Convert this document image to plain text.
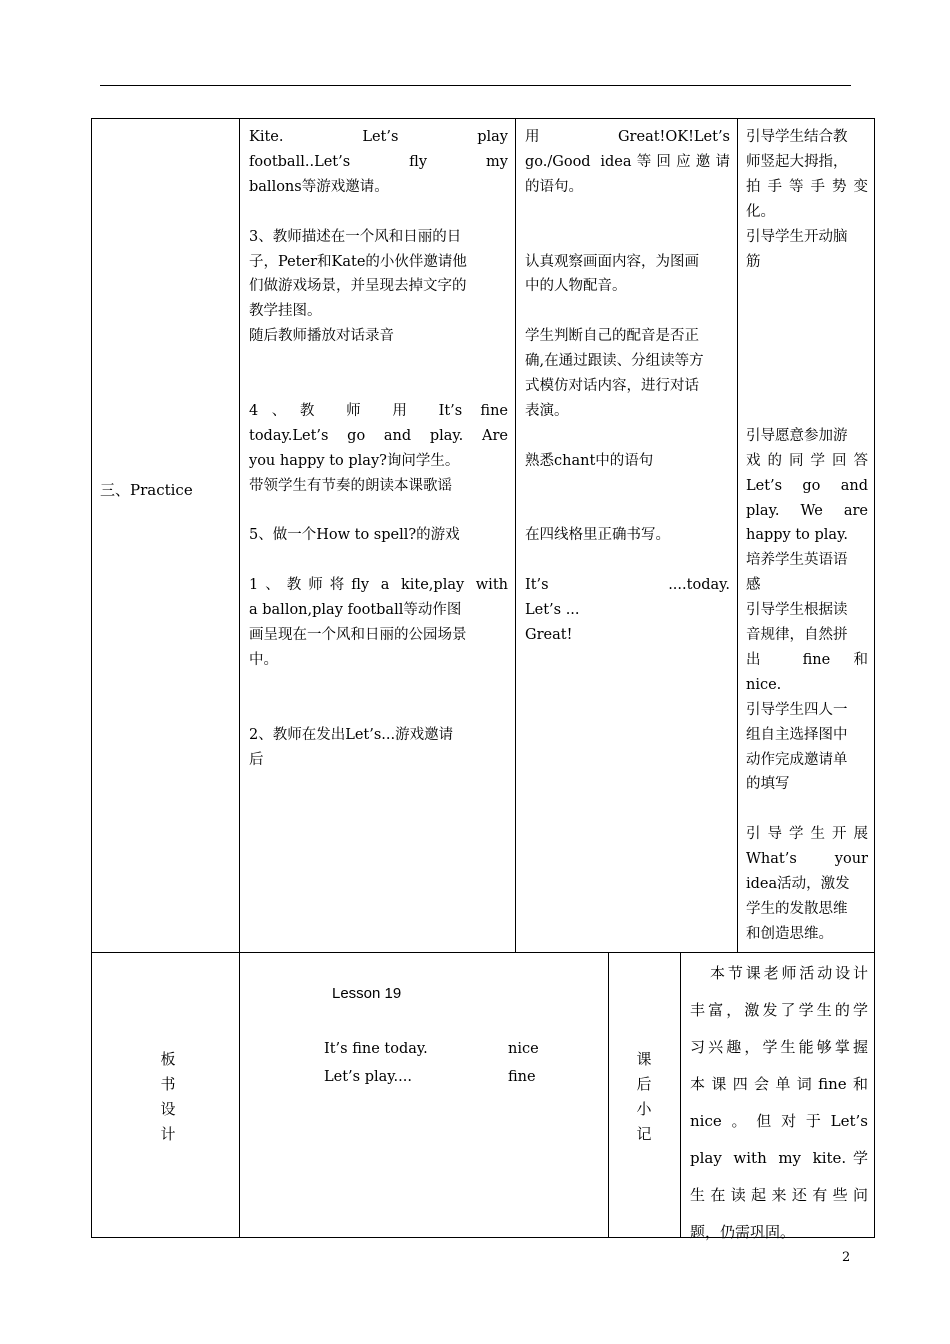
三、Practice

Kite. Let’s play

football..Let’s fly my

ballons等游戏邀请。

3、教师描述在一个风和日丽的日

子，Peter和Kate的小伙伴邀请他

们做游戏场景，并呈现去掉文字的

教学挂图。

随后教师播放对话录音

4、教 师 用 It’s fine

today.Let’s go and play. Are

you happy to play?询问学生。

带领学生有节奏的朗读本课歌谣

5、做一个How to spell?的游戏

1、教师将fly a kite,play with

a ballon,play football等动作图

画呈现在一个风和日丽的公园场景

中。

2、教师在发出Let’s...游戏邀请

后

用 Great!OK!Let’s

go./Good idea等回应邀请

的语句。

认真观察画面内容，为图画

中的人物配音。

学生判断自己的配音是否正

确,在通过跟读、分组读等方

式模仿对话内容，进行对话

表演。

熟悉chant中的语句

在四线格里正确书写。

It’s ....today.

Let’s ...

Great!

引导学生结合教

师竖起大拇指，

拍手等手势变

化。

引导学生开动脑

筋

引导愿意参加游

戏的同学回答

Let’s go and

play. We are

happy to play.

培养学生英语语

感

引导学生根据读

音规律，自然拼

出 fine 和

nice.

引导学生四人一

组自主选择图中

动作完成邀请单

的填写

引导学生开展

What’s your

idea活动，激发

学生的发散思维

和创造思维。

板
书
设
计
Lesson 19
It’s fine today.	nice
Let’s play....	fine
课
后
小
记
本节课老师活动设计
丰富，激发了学生的学
习兴趣，学生能够掌握
本课四会单词fine和
nice。但对于Let’s
play with my kite.学
生在读起来还有些问
题，仍需巩固。
2
